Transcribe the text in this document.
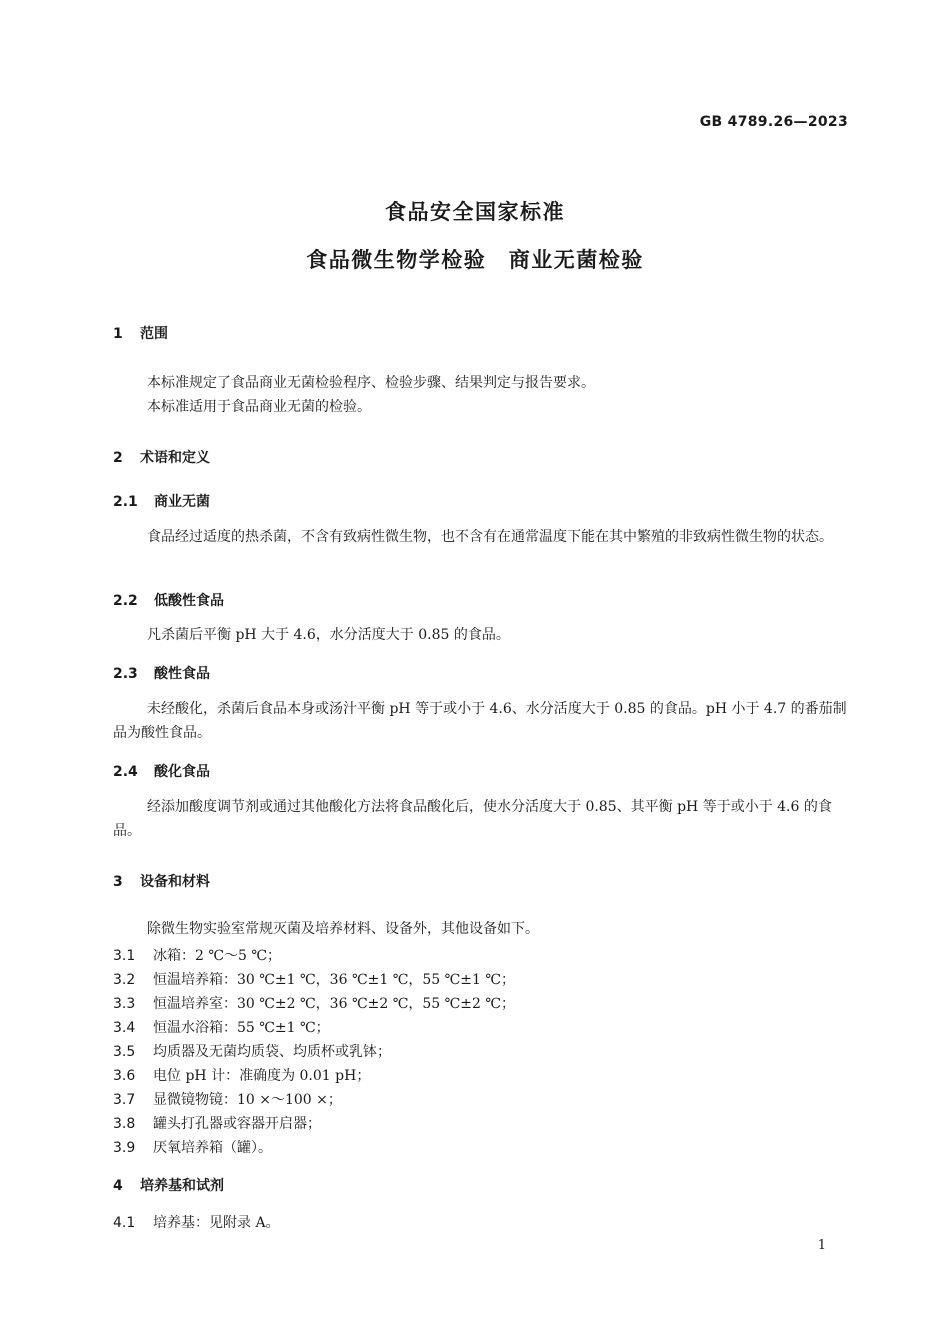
GB 4789.26—2023
食品安全国家标准
食品微生物学检验　商业无菌检验
1 范围
本标准规定了食品商业无菌检验程序、检验步骤、结果判定与报告要求。
本标准适用于食品商业无菌的检验。
2 术语和定义
2.1 商业无菌
食品经过适度的热杀菌，不含有致病性微生物，也不含有在通常温度下能在其中繁殖的非致病性微生物的状态。
2.2 低酸性食品
凡杀菌后平衡 pH 大于 4.6，水分活度大于 0.85 的食品。
2.3 酸性食品
未经酸化，杀菌后食品本身或汤汁平衡 pH 等于或小于 4.6、水分活度大于 0.85 的食品。pH 小于 4.7 的番茄制品为酸性食品。
2.4 酸化食品
经添加酸度调节剂或通过其他酸化方法将食品酸化后，使水分活度大于 0.85、其平衡 pH 等于或小于 4.6 的食品。
3 设备和材料
除微生物实验室常规灭菌及培养材料、设备外，其他设备如下。
3.1 冰箱：2 ℃～5 ℃；
3.2 恒温培养箱：30 ℃±1 ℃，36 ℃±1 ℃，55 ℃±1 ℃；
3.3 恒温培养室：30 ℃±2 ℃，36 ℃±2 ℃，55 ℃±2 ℃；
3.4 恒温水浴箱：55 ℃±1 ℃；
3.5 均质器及无菌均质袋、均质杯或乳钵；
3.6 电位 pH 计：准确度为 0.01 pH；
3.7 显微镜物镜：10 ×～100 ×；
3.8 罐头打孔器或容器开启器；
3.9 厌氧培养箱（罐）。
4 培养基和试剂
4.1 培养基：见附录 A。
1
